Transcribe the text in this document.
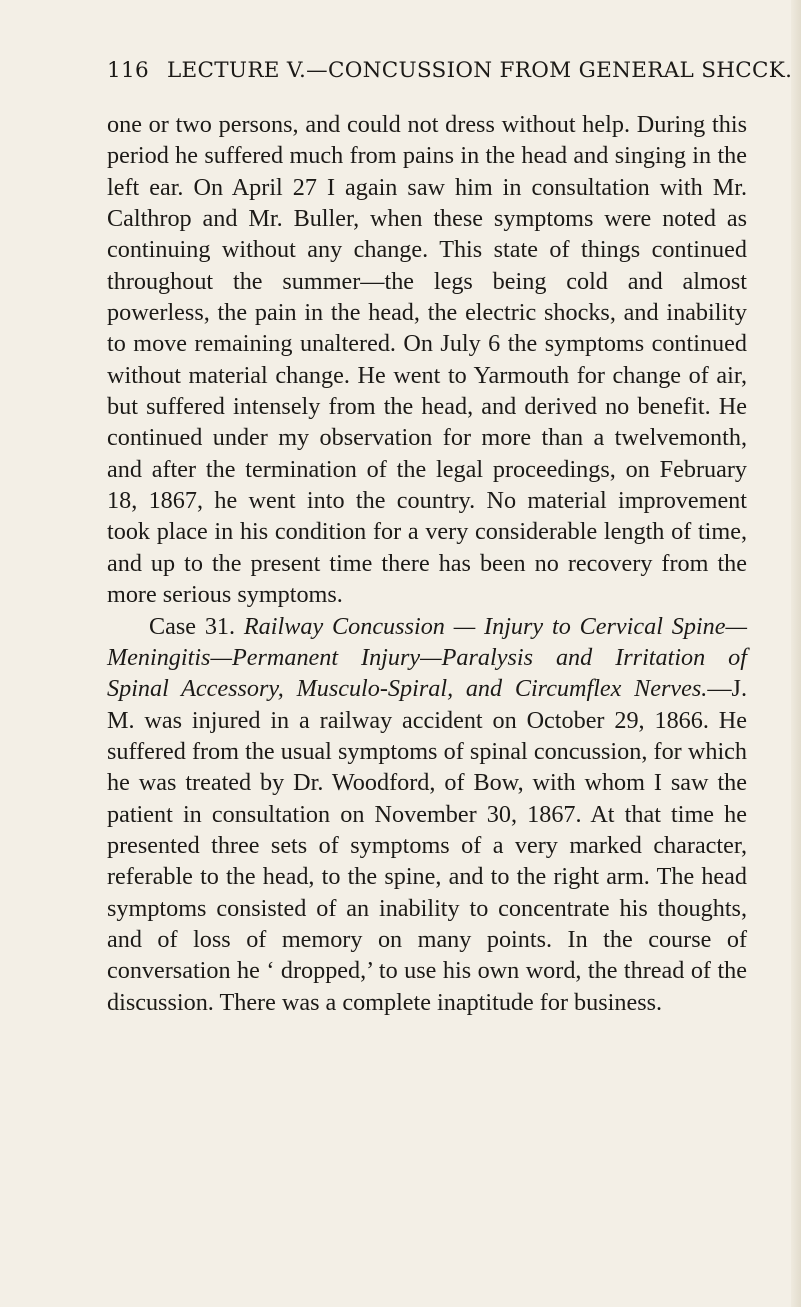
116 LECTURE V.—CONCUSSION FROM GENERAL SHCCK.

one or two persons, and could not dress without help. During this period he suffered much from pains in the head and singing in the left ear. On April 27 I again saw him in consultation with Mr. Calthrop and Mr. Buller, when these symptoms were noted as continuing without any change. This state of things continued throughout the summer—the legs being cold and almost powerless, the pain in the head, the electric shocks, and inability to move remaining unaltered. On July 6 the symptoms continued without material change. He went to Yarmouth for change of air, but suffered intensely from the head, and derived no benefit. He continued under my observation for more than a twelvemonth, and after the termination of the legal proceedings, on February 18, 1867, he went into the country. No material improvement took place in his condition for a very considerable length of time, and up to the present time there has been no recovery from the more serious symptoms.

Case 31. Railway Concussion — Injury to Cervical Spine—Meningitis—Permanent Injury—Paralysis and Irritation of Spinal Accessory, Musculo-Spiral, and Circumflex Nerves.—J. M. was injured in a railway accident on October 29, 1866. He suffered from the usual symptoms of spinal concussion, for which he was treated by Dr. Woodford, of Bow, with whom I saw the patient in consultation on November 30, 1867. At that time he presented three sets of symptoms of a very marked character, referable to the head, to the spine, and to the right arm. The head symptoms consisted of an inability to concentrate his thoughts, and of loss of memory on many points. In the course of conversation he ‘ dropped,’ to use his own word, the thread of the discussion. There was a complete inaptitude for business.
